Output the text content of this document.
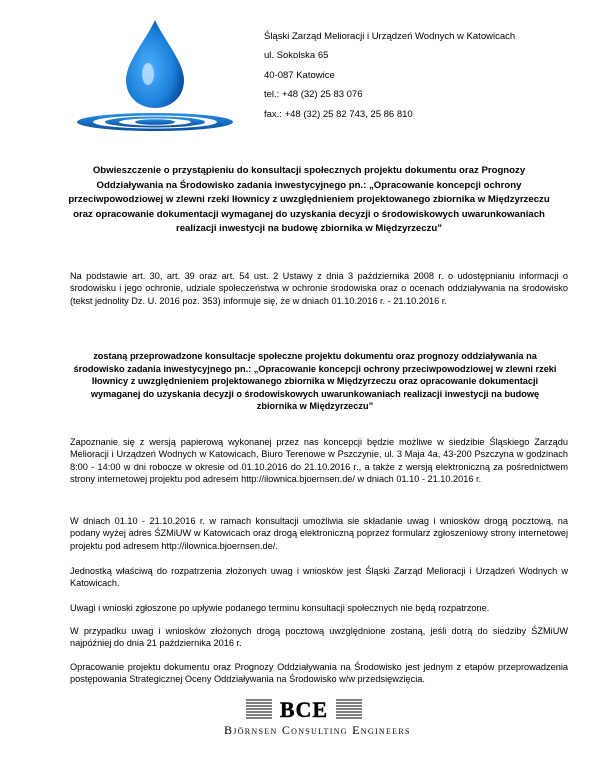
Śląski Zarząd Melioracji i Urządzeń Wodnych w Katowicach
ul. Sokolska 65
40-087 Katowice
tel.: +48 (32) 25 83 076
fax.: +48 (32) 25 82 743, 25 86 810
Obwieszczenie o przystąpieniu do konsultacji społecznych projektu dokumentu oraz Prognozy Oddziaływania na Środowisko zadania inwestycyjnego pn.: „Opracowanie koncepcji ochrony przeciwpowodziowej w zlewni rzeki Iłownicy z uwzględnieniem projektowanego zbiornika w Międzyrzeczu oraz opracowanie dokumentacji wymaganej do uzyskania decyzji o środowiskowych uwarunkowaniach realizacji inwestycji na budowę zbiornika w Międzyrzeczu”
Na podstawie art. 30, art. 39 oraz art. 54 ust. 2 Ustawy z dnia 3 października 2008 r. o udostępnianiu informacji o środowisku i jego ochronie, udziale społeczeństwa w ochronie środowiska oraz o ocenach oddziaływania na środowisko (tekst jednolity Dz. U. 2016 poz. 353) informuje się, że w dniach 01.10.2016 r. - 21.10.2016 r.
zostaną przeprowadzone konsultacje społeczne projektu dokumentu oraz prognozy oddziaływania na środowisko zadania inwestycyjnego pn.: „Opracowanie koncepcji ochrony przeciwpowodziowej w zlewni rzeki Iłownicy z uwzględnieniem projektowanego zbiornika w Międzyrzeczu oraz opracowanie dokumentacji wymaganej do uzyskania decyzji o środowiskowych uwarunkowaniach realizacji inwestycji na budowę zbiornika w Międzyrzeczu”
Zapoznanie się z wersją papierową wykonanej przez nas koncepcji będzie możliwe w siedzibie Śląskiego Zarządu Melioracji i Urządzeń Wodnych w Katowicach, Biuro Terenowe w Pszczynie, ul. 3 Maja 4a, 43-200 Pszczyna w godzinach 8:00 - 14:00 w dni robocze w okresie od 01.10.2016 do 21.10.2016 r., a także z wersją elektroniczną za pośrednictwem strony internetowej projektu pod adresem http://ilownica.bjoernsen.de/ w dniach 01.10 - 21.10.2016 r.
W dniach 01.10 - 21.10.2016 r. w ramach konsultacji umożliwia sie składanie uwag i wniosków drogą pocztową, na podany wyżej adres ŚZMiUW w Katowicach oraz drogą elektroniczną poprzez formularz zgłoszeniowy strony internetowej projektu pod adresem http://ilownica.bjoernsen.de/.
Jednostką właściwą do rozpatrzenia złożonych uwag i wniosków jest Śląski Zarząd Melioracji i Urządzeń Wodnych w Katowicach.
Uwagi i wnioski zgłoszone po upływie podanego terminu konsultacji społecznych nie będą rozpatrzone.
W przypadku uwag i wniosków złożonych drogą pocztową uwzględnione zostaną, jeśli dotrą do siedziby ŚZMiUW najpóźniej do dnia 21 października 2016 r.
Opracowanie projektu dokumentu oraz Prognozy Oddziaływania na Środowisko jest jednym z etapów przeprowadzenia postępowania Strategicznej Oceny Oddziaływania na Środowisko w/w przedsięwzięcia.
BCE
Björnsen Consulting Engineers
